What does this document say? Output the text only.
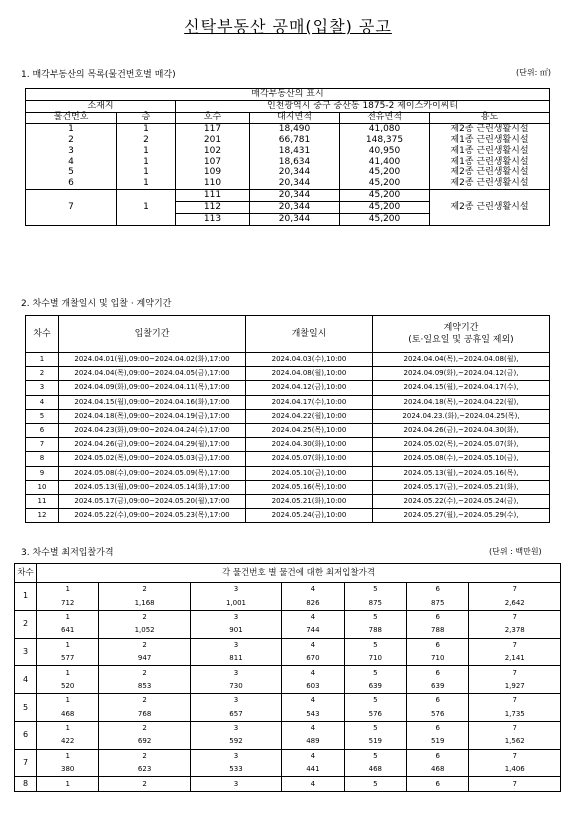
신탁부동산 공매(입찰) 공고
1. 매각부동산의 목록(물건번호별 매각)	(단위: ㎡)
매각부동산의 표시					
소재지		인천광역시 중구 중산동 1875-2 제이스카이씨티			
물건번호	층	호수	대지면적	전유면적	용도
1	1	117	18,490	41,080	제2종 근린생활시설
2	2	201	66,781	148,375	제1종 근린생활시설
3	1	102	18,431	40,950	제1종 근린생활시설
4	1	107	18,634	41,400	제1종 근린생활시설
5	1	109	20,344	45,200	제2종 근린생활시설
6	1	110	20,344	45,200	제2종 근린생활시설
7	1	111	20,344	45,200	제2종 근린생활시설
		112	20,344	45,200	
		113	20,344	45,200	
2. 차수별 개찰일시 및 입찰 · 계약기간
차수	입찰기간	개찰일시	계약기간
(토·일요일 및 공휴일 제외)

1	2024.04.01(월),09:00~2024.04.02(화),17:00	2024.04.03(수),10:00	2024.04.04(목),~2024.04.08(월),
2	2024.04.04(목),09:00~2024.04.05(금),17:00	2024.04.08(월),10:00	2024.04.09(화),~2024.04.12(금),
3	2024.04.09(화),09:00~2024.04.11(목),17:00	2024.04.12(금),10:00	2024.04.15(월),~2024.04.17(수),
4	2024.04.15(월),09:00~2024.04.16(화),17:00	2024.04.17(수),10:00	2024.04.18(목),~2024.04.22(월),
5	2024.04.18(목),09:00~2024.04.19(금),17:00	2024.04.22(월),10:00	2024.04.23.(화),~2024.04.25(목),
6	2024.04.23(화),09:00~2024.04.24(수),17:00	2024.04.25(목),10:00	2024.04.26(금),~2024.04.30(화),
7	2024.04.26(금),09:00~2024.04.29(월),17:00	2024.04.30(화),10:00	2024.05.02(목),~2024.05.07(화),
8	2024.05.02(목),09:00~2024.05.03(금),17:00	2024.05.07(화),10:00	2024.05.08(수),~2024.05.10(금),
9	2024.05.08(수),09:00~2024.05.09(목),17:00	2024.05.10(금),10:00	2024.05.13(월),~2024.05.16(목),
10	2024.05.13(월),09:00~2024.05.14(화),17:00	2024.05.16(목),10:00	2024.05.17(금),~2024.05.21(화),
11	2024.05.17(금),09:00~2024.05.20(월),17:00	2024.05.21(화),10:00	2024.05.22(수),~2024.05.24(금),
12	2024.05.22(수),09:00~2024.05.23(목),17:00	2024.05.24(금),10:00	2024.05.27(월),~2024.05.29(수),
3. 차수별 최저입찰가격	(단위 : 백만원)
차수	각 물건번호 별 물건에 대한 최저입찰가격						
1	1	2	3	4	5	6	7
	712	1,168	1,001	826	875	875	2,642
2	1	2	3	4	5	6	7
	641	1,052	901	744	788	788	2,378
3	1	2	3	4	5	6	7
	577	947	811	670	710	710	2,141
4	1	2	3	4	5	6	7
	520	853	730	603	639	639	1,927
5	1	2	3	4	5	6	7
	468	768	657	543	576	576	1,735
6	1	2	3	4	5	6	7
	422	692	592	489	519	519	1,562
7	1	2	3	4	5	6	7
	380	623	533	441	468	468	1,406
8	1	2	3	4	5	6	7
